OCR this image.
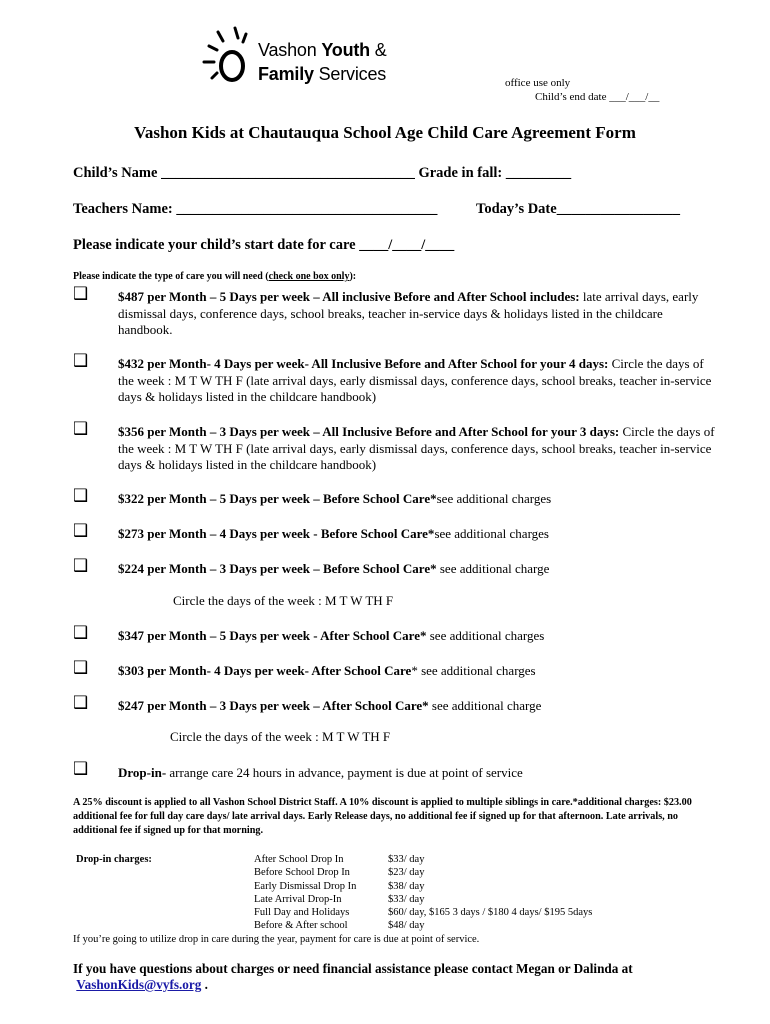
Vashon Youth &
Family Services	office use only
Child’s end date ___/___/__
Vashon Kids at Chautauqua School Age Child Care Agreement Form
Child’s Name ___________________________________ Grade in fall: _________
Teachers Name: ____________________________________	Today’s Date_________________
Please indicate your child’s start date for care ____/____/____
Please indicate the type of care you will need (check one box only):
❑ $487 per Month – 5 Days per week – All inclusive Before and After School includes: late arrival days, early dismissal days, conference days, school breaks, teacher in-service days & holidays listed in the childcare handbook.
❑ $432 per Month- 4 Days per week- All Inclusive Before and After School for your 4 days: Circle the days of the week : M T W TH F (late arrival days, early dismissal days, conference days, school breaks, teacher in-service days & holidays listed in the childcare handbook)
❑ $356 per Month – 3 Days per week – All Inclusive Before and After School for your 3 days: Circle the days of the week : M T W TH F (late arrival days, early dismissal days, conference days, school breaks, teacher in-service days & holidays listed in the childcare handbook)
❑ $322 per Month – 5 Days per week – Before School Care*see additional charges
❑ $273 per Month – 4 Days per week - Before School Care*see additional charges
❑ $224 per Month – 3 Days per week – Before School Care* see additional charge
Circle the days of the week : M T W TH F
❑ $347 per Month – 5 Days per week - After School Care* see additional charges
❑ $303 per Month- 4 Days per week- After School Care* see additional charges
❑ $247 per Month – 3 Days per week – After School Care* see additional charge
Circle the days of the week : M T W TH F
❑ Drop-in- arrange care 24 hours in advance, payment is due at point of service
A 25% discount is applied to all Vashon School District Staff. A 10% discount is applied to multiple siblings in care.*additional charges: $23.00 additional fee for full day care days/ late arrival days. Early Release days, no additional fee if signed up for that afternoon. Late arrivals, no additional fee if signed up for that morning.
Drop-in charges:	After School Drop In	$33/ day
Before School Drop In	$23/ day
Early Dismissal Drop In	$38/ day
Late Arrival Drop-In	$33/ day
Full Day and Holidays	$60/ day, $165 3 days / $180 4 days/ $195 5days
Before & After school	$48/ day
If you’re going to utilize drop in care during the year, payment for care is due at point of service.
If you have questions about charges or need financial assistance please contact Megan or Dalinda at
VashonKids@vyfs.org .
